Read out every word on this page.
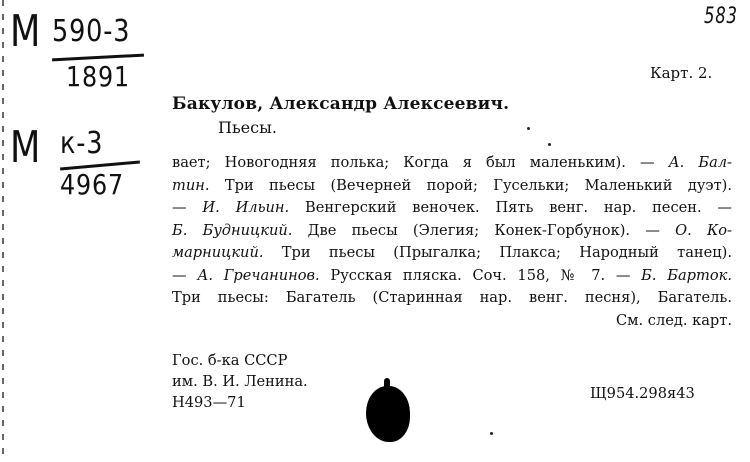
М 590-3
1891
М к-3
4967
583
Карт. 2.
Бакулов, Александр Алексеевич.
Пьесы.
вает; Новогодняя полька; Когда я был маленьким). — А. Бал-
тин. Три пьесы (Вечерней порой; Гусельки; Маленький дуэт).
— И. Ильин. Венгерский веночек. Пять венг. нар. песен. —
Б. Будницкий. Две пьесы (Элегия; Конек-Горбунок). — О. Ко-
марницкий. Три пьесы (Прыгалка; Плакса; Народный танец).
— А. Гречанинов. Русская пляска. Соч. 158, № 7. — Б. Барток.
Три пьесы: Багатель (Старинная нар. венг. песня), Багатель.
См. след. карт.
Гос. б-ка СССР
им. В. И. Ленина.
Н493—71
Щ954.298я43
